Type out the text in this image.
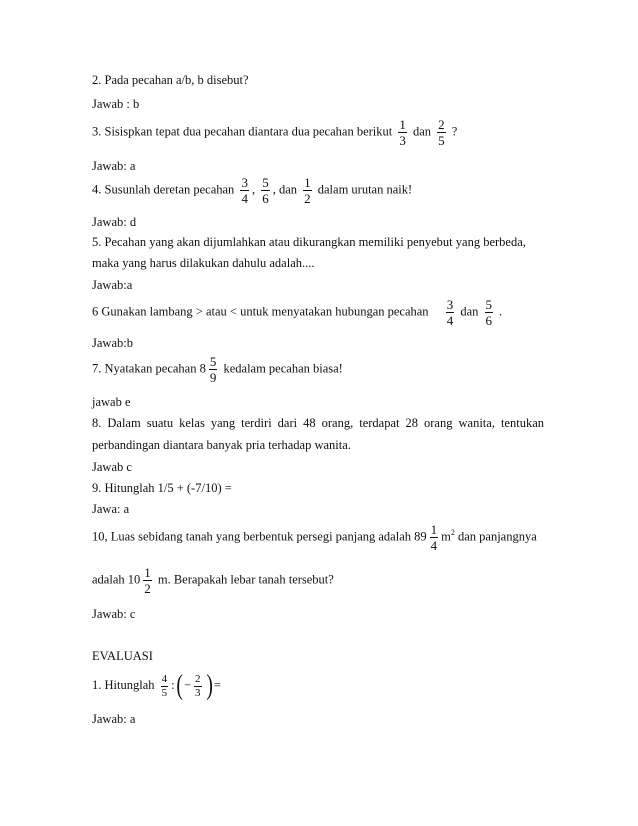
2. Pada pecahan a/b, b disebut?
Jawab : b
3. Sisispkan tepat dua pecahan diantara dua pecahan berikut $\frac{1}{3}$ dan $\frac{2}{5}$ ?
Jawab: a
4. Susunlah deretan pecahan $\frac{3}{4}$ , $\frac{5}{6}$ , dan $\frac{1}{2}$ dalam urutan naik!
Jawab: d
5. Pecahan yang akan dijumlahkan atau dikurangkan memiliki penyebut yang berbeda,
maka yang harus dilakukan dahulu adalah....
Jawab:a
6 Gunakan lambang > atau < untuk menyatakan hubungan pecahan $\frac{3}{4}$ dan $\frac{5}{6}$ .
Jawab:b
7. Nyatakan pecahan $8 \frac{5}{9}$ kedalam pecahan biasa!
jawab e
8. Dalam suatu kelas yang terdiri dari 48 orang, terdapat 28 orang wanita, tentukan
perbandingan diantara banyak pria terhadap wanita.
Jawab c
9. Hitunglah 1/5 + (-7/10) =
Jawa: a
10, Luas sebidang tanah yang berbentuk persegi panjang adalah $89 \frac{1}{4} m^2$ dan panjangnya
adalah $10 \frac{1}{2} m$. Berapakah lebar tanah tersebut?
Jawab: c
EVALUASI
1. Hitunglah $\frac{4}{5}$ :(− $\frac{2}{3}$ )=
Jawab: a
